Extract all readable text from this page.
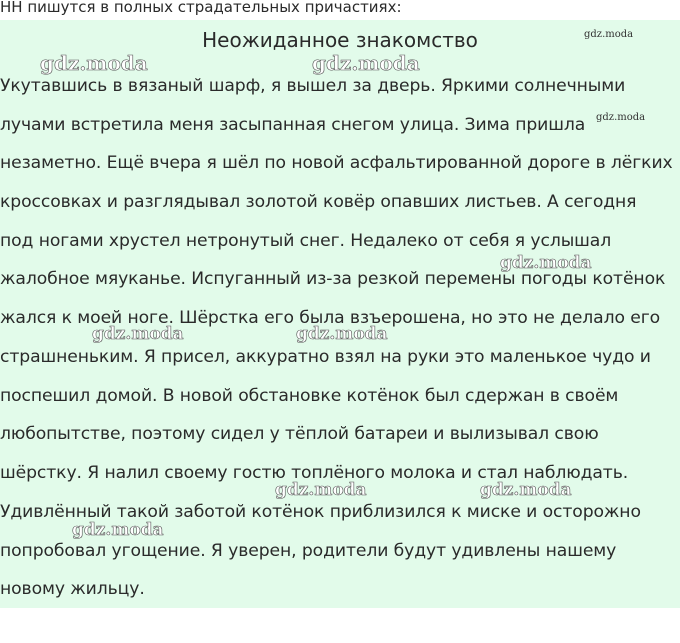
НН пишутся в полных страдательных причастиях:
Неожиданное знакомство
Укутавшись в вязаный шарф, я вышел за дверь. Яркими солнечными
лучами встретила меня засыпанная снегом улица. Зима пришла
незаметно. Ещё вчера я шёл по новой асфальтированной дороге в лёгких
кроссовках и разглядывал золотой ковёр опавших листьев. А сегодня
под ногами хрустел нетронутый снег. Недалеко от себя я услышал
жалобное мяуканье. Испуганный из-за резкой перемены погоды котёнок
жался к моей ноге. Шёрстка его была взъерошена, но это не делало его
страшненьким. Я присел, аккуратно взял на руки это маленькое чудо и
поспешил домой. В новой обстановке котёнок был сдержан в своём
любопытстве, поэтому сидел у тёплой батареи и вылизывал свою
шёрстку. Я налил своему гостю топлёного молока и стал наблюдать.
Удивлённый такой заботой котёнок приблизился к миске и осторожно
попробовал угощение. Я уверен, родители будут удивлены нашему
новому жильцу.
gdz.moda
gdz.moda	gdz.moda
gdz.moda
gdz.moda
gdz.moda	gdz.moda
gdz.moda	gdz.moda
gdz.moda
